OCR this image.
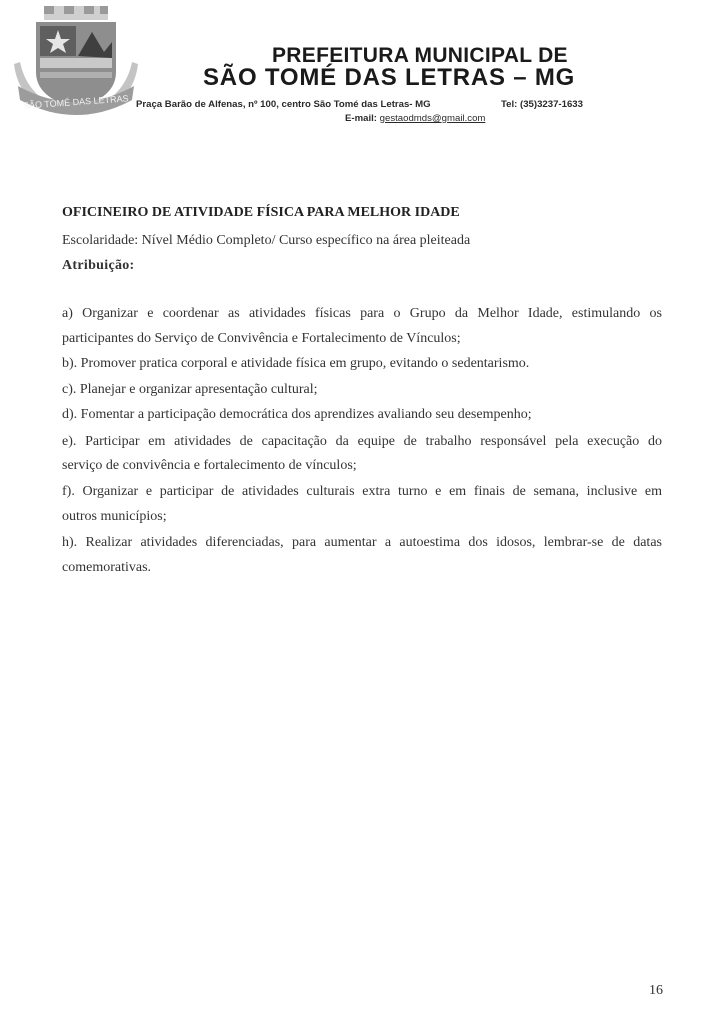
SÃO TOMÉ DAS LETRAS
PREFEITURA MUNICIPAL DE
SÃO TOMÉ DAS LETRAS – MG
Praça Barão de Alfenas, nº 100, centro São Tomé das Letras- MG	Tel: (35)3237-1633
E-mail: gestaodmds@gmail.com
OFICINEIRO DE ATIVIDADE FÍSICA PARA MELHOR IDADE
Escolaridade: Nível Médio Completo/ Curso específico na área pleiteada
Atribuição:
a) Organizar e coordenar as atividades físicas para o Grupo da Melhor Idade, estimulando os
participantes do Serviço de Convivência e Fortalecimento de Vínculos;
b). Promover pratica corporal e atividade física em grupo, evitando o sedentarismo.
c). Planejar e organizar apresentação cultural;
d). Fomentar a participação democrática dos aprendizes avaliando seu desempenho;
e). Participar em atividades de capacitação da equipe de trabalho responsável pela execução do
serviço de convivência e fortalecimento de vínculos;
f). Organizar e participar de atividades culturais extra turno e em finais de semana, inclusive em
outros municípios;
h). Realizar atividades diferenciadas, para aumentar a autoestima dos idosos, lembrar-se de datas
comemorativas.
16
